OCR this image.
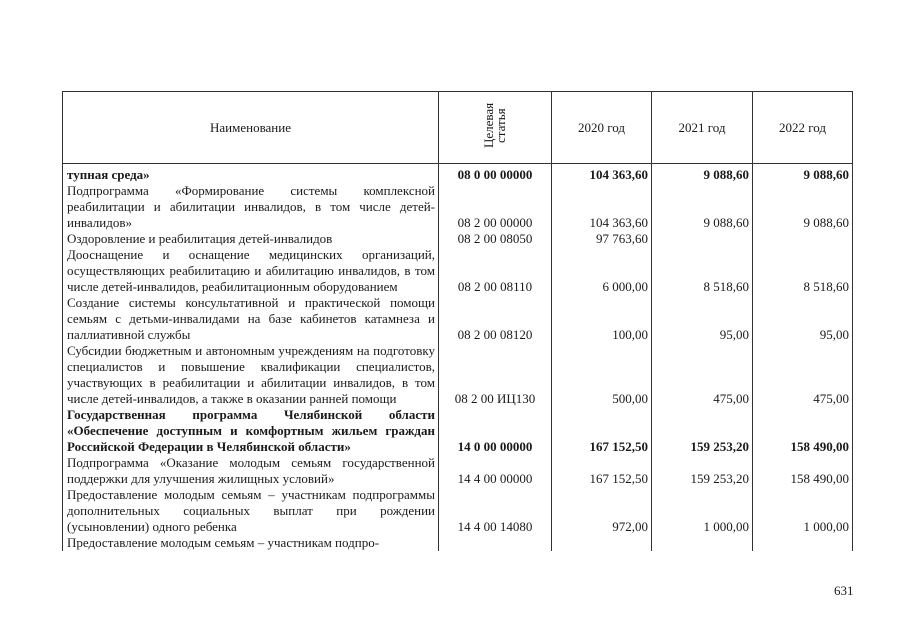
Наименование	Целевая статья	2020 год	2021 год	2022 год
тупная среда»	08 0 00 00000	104 363,60	9 088,60	9 088,60
Подпрограмма «Формирование системы комплексной реабилитации и абилитации инвалидов, в том числе детей-инвалидов»	08 2 00 00000	104 363,60	9 088,60	9 088,60
Оздоровление и реабилитация детей-инвалидов	08 2 00 08050	97 763,60		
Дооснащение и оснащение медицинских организаций, осуществляющих реабилитацию и абилитацию инвалидов, в том числе детей-инвалидов, реабилитационным оборудованием	08 2 00 08110	6 000,00	8 518,60	8 518,60
Создание системы консультативной и практической помощи семьям с детьми-инвалидами на базе кабинетов катамнеза и паллиативной службы	08 2 00 08120	100,00	95,00	95,00
Субсидии бюджетным и автономным учреждениям на подготовку специалистов и повышение квалификации специалистов, участвующих в реабилитации и абилитации инвалидов, в том числе детей-инвалидов, а также в оказании ранней помощи	08 2 00 ИЦ130	500,00	475,00	475,00
Государственная программа Челябинской области «Обеспечение доступным и комфортным жильем граждан Российской Федерации в Челябинской области»	14 0 00 00000	167 152,50	159 253,20	158 490,00
Подпрограмма «Оказание молодым семьям государственной поддержки для улучшения жилищных условий»	14 4 00 00000	167 152,50	159 253,20	158 490,00
Предоставление молодым семьям – участникам подпрограммы дополнительных социальных выплат при рождении (усыновлении) одного ребенка	14 4 00 14080	972,00	1 000,00	1 000,00
Предоставление молодым семьям – участникам подпро-				
631
